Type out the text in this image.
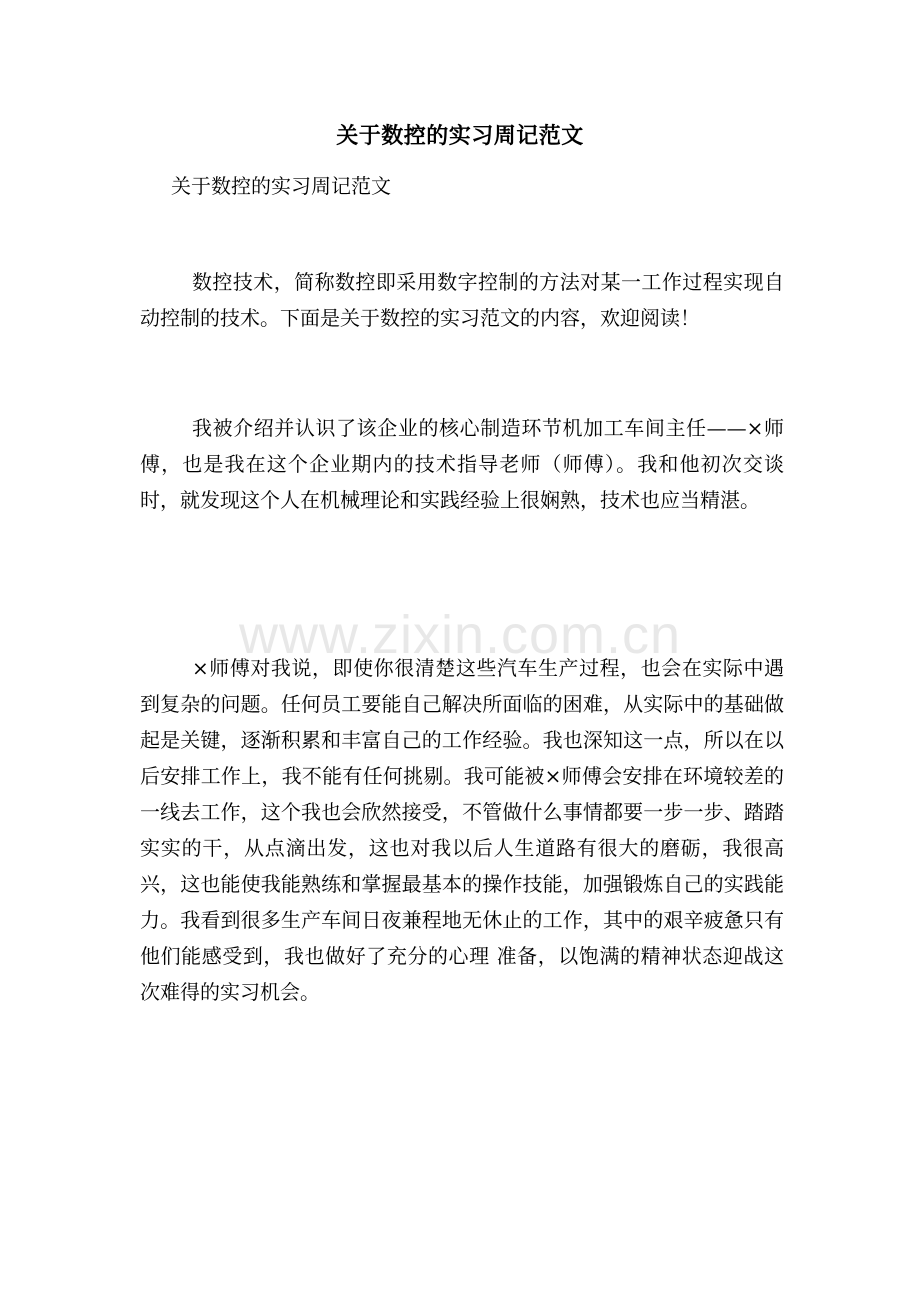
关于数控的实习周记范文
关于数控的实习周记范文
数控技术，简称数控即采用数字控制的方法对某一工作过程实现自动控制的技术。下面是关于数控的实习范文的内容，欢迎阅读！
我被介绍并认识了该企业的核心制造环节机加工车间主任——×师傅，也是我在这个企业期内的技术指导老师（师傅）。我和他初次交谈时，就发现这个人在机械理论和实践经验上很娴熟，技术也应当精湛。
×师傅对我说，即使你很清楚这些汽车生产过程，也会在实际中遇到复杂的问题。任何员工要能自己解决所面临的困难，从实际中的基础做起是关键，逐渐积累和丰富自己的工作经验。我也深知这一点，所以在以后安排工作上，我不能有任何挑剔。我可能被×师傅会安排在环境较差的一线去工作，这个我也会欣然接受，不管做什么事情都要一步一步、踏踏实实的干，从点滴出发，这也对我以后人生道路有很大的磨砺，我很高兴，这也能使我能熟练和掌握最基本的操作技能，加强锻炼自己的实践能力。我看到很多生产车间日夜兼程地无休止的工作，其中的艰辛疲惫只有他们能感受到，我也做好了充分的心理 准备，以饱满的精神状态迎战这次难得的实习机会。
www.zixin.com.cn
